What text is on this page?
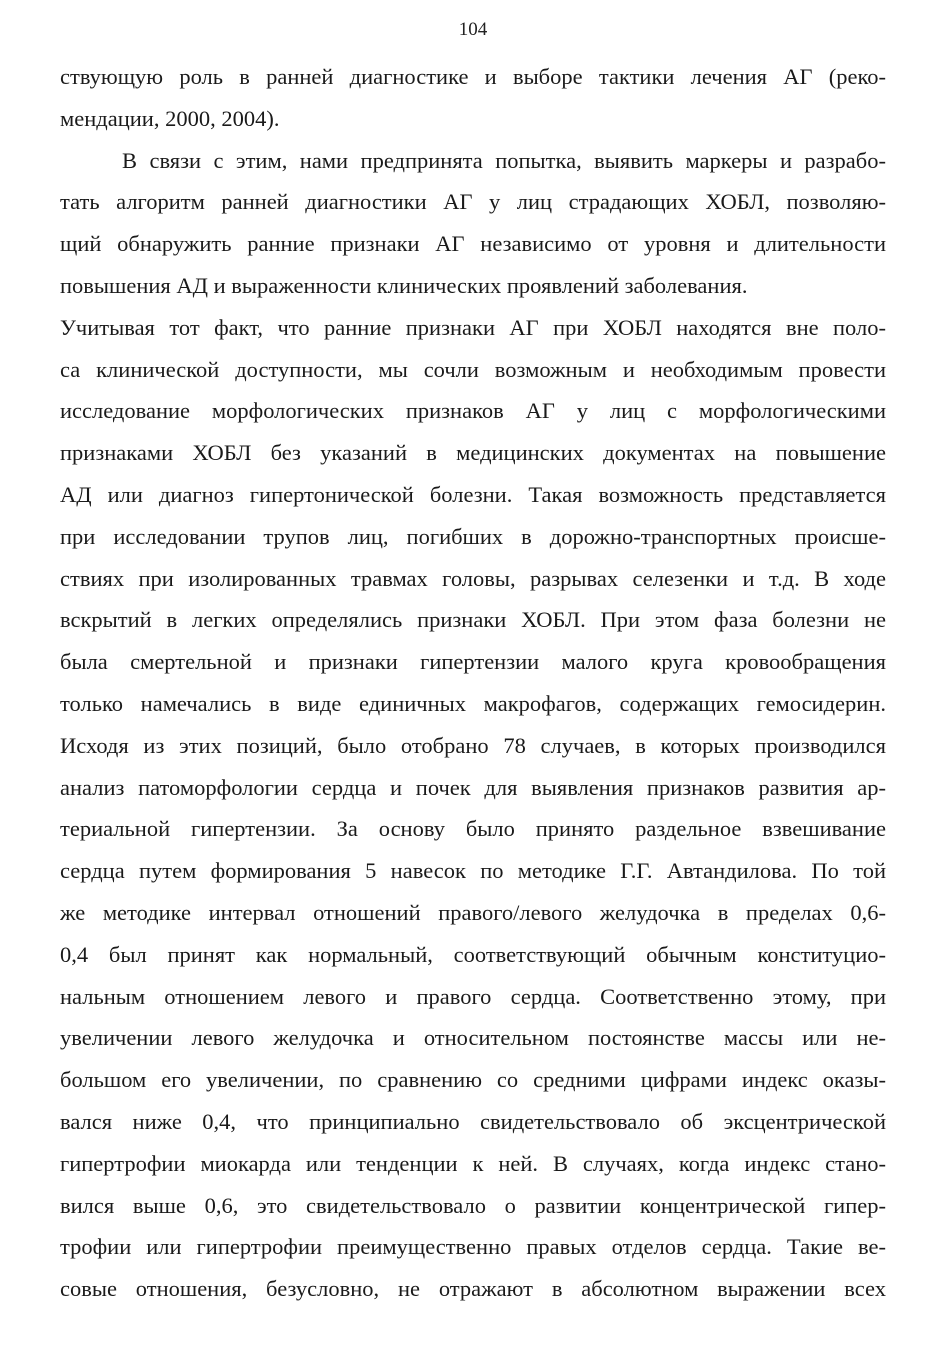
104
ствующую роль в ранней диагностике и выборе тактики лечения АГ (реко-
мендации, 2000, 2004).
В связи с этим, нами предпринята попытка, выявить маркеры и разрабо-
тать алгоритм ранней диагностики АГ у лиц страдающих ХОБЛ, позволяю-
щий обнаружить ранние признаки АГ независимо от уровня и длительности
повышения АД и выраженности клинических проявлений заболевания.
Учитывая тот факт, что ранние признаки АГ при ХОБЛ находятся вне поло-
са клинической доступности, мы сочли возможным и необходимым провести
исследование морфологических признаков АГ у лиц с морфологическими
признаками ХОБЛ без указаний в медицинских документах на повышение
АД или диагноз гипертонической болезни. Такая возможность представляется
при исследовании трупов лиц, погибших в дорожно-транспортных происше-
ствиях при изолированных травмах головы, разрывах селезенки и т.д. В ходе
вскрытий в легких определялись признаки ХОБЛ. При этом фаза болезни не
была смертельной и признаки гипертензии малого круга кровообращения
только намечались в виде единичных макрофагов, содержащих гемосидерин.
Исходя из этих позиций, было отобрано 78 случаев, в которых производился
анализ патоморфологии сердца и почек для выявления признаков развития ар-
териальной гипертензии. За основу было принято раздельное взвешивание
сердца путем формирования 5 навесок по методике Г.Г. Автандилова. По той
же методике интервал отношений правого/левого желудочка в пределах 0,6-
0,4 был принят как нормальный, соответствующий обычным конституцио-
нальным отношением левого и правого сердца. Соответственно этому, при
увеличении левого желудочка и относительном постоянстве массы или не-
большом его увеличении, по сравнению со средними цифрами индекс оказы-
вался ниже 0,4, что принципиально свидетельствовало об эксцентрической
гипертрофии миокарда или тенденции к ней. В случаях, когда индекс стано-
вился выше 0,6, это свидетельствовало о развитии концентрической гипер-
трофии или гипертрофии преимущественно правых отделов сердца. Такие ве-
совые отношения, безусловно, не отражают в абсолютном выражении всех
